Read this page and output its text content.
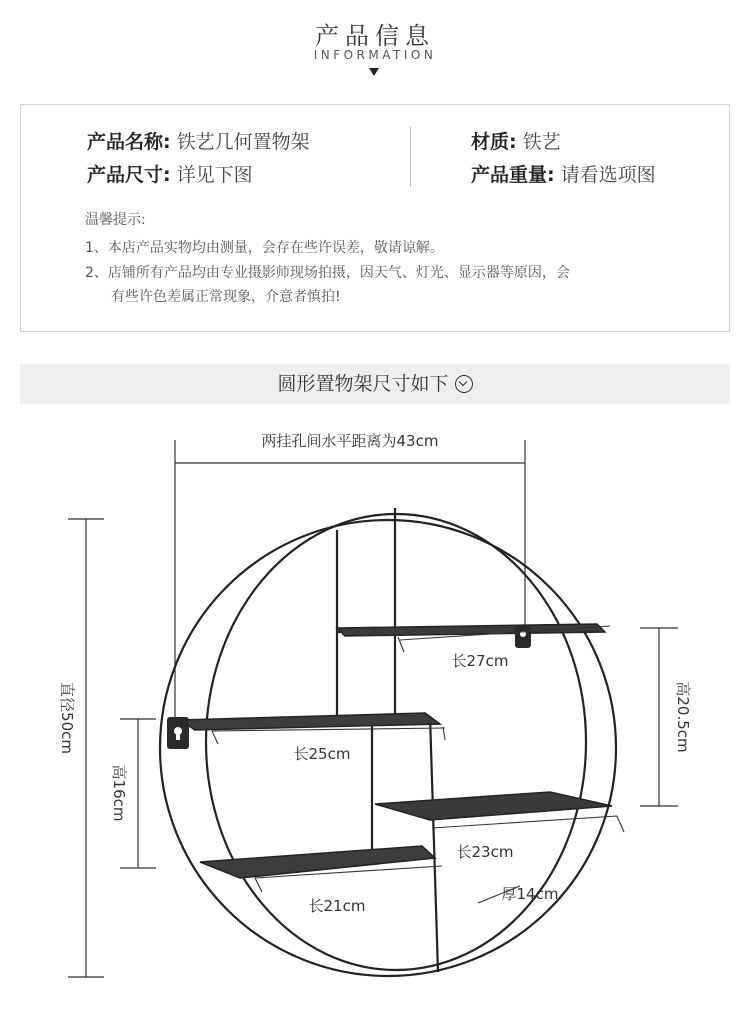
产品信息
INFORMATION
产品名称: 铁艺几何置物架	材质: 铁艺
产品尺寸: 详见下图	产品重量: 请看选项图
温馨提示:
1、本店产品实物均由测量，会存在些许误差，敬请谅解。
2、店铺所有产品均由专业摄影师现场拍摄，因天气、灯光、显示器等原因，会
有些许色差属正常现象，介意者慎拍!
圆形置物架尺寸如下
两挂孔间水平距离为43cm
直径50cm
高16cm
高20.5cm
长27cm
长25cm
长23cm
长21cm
厚14cm
